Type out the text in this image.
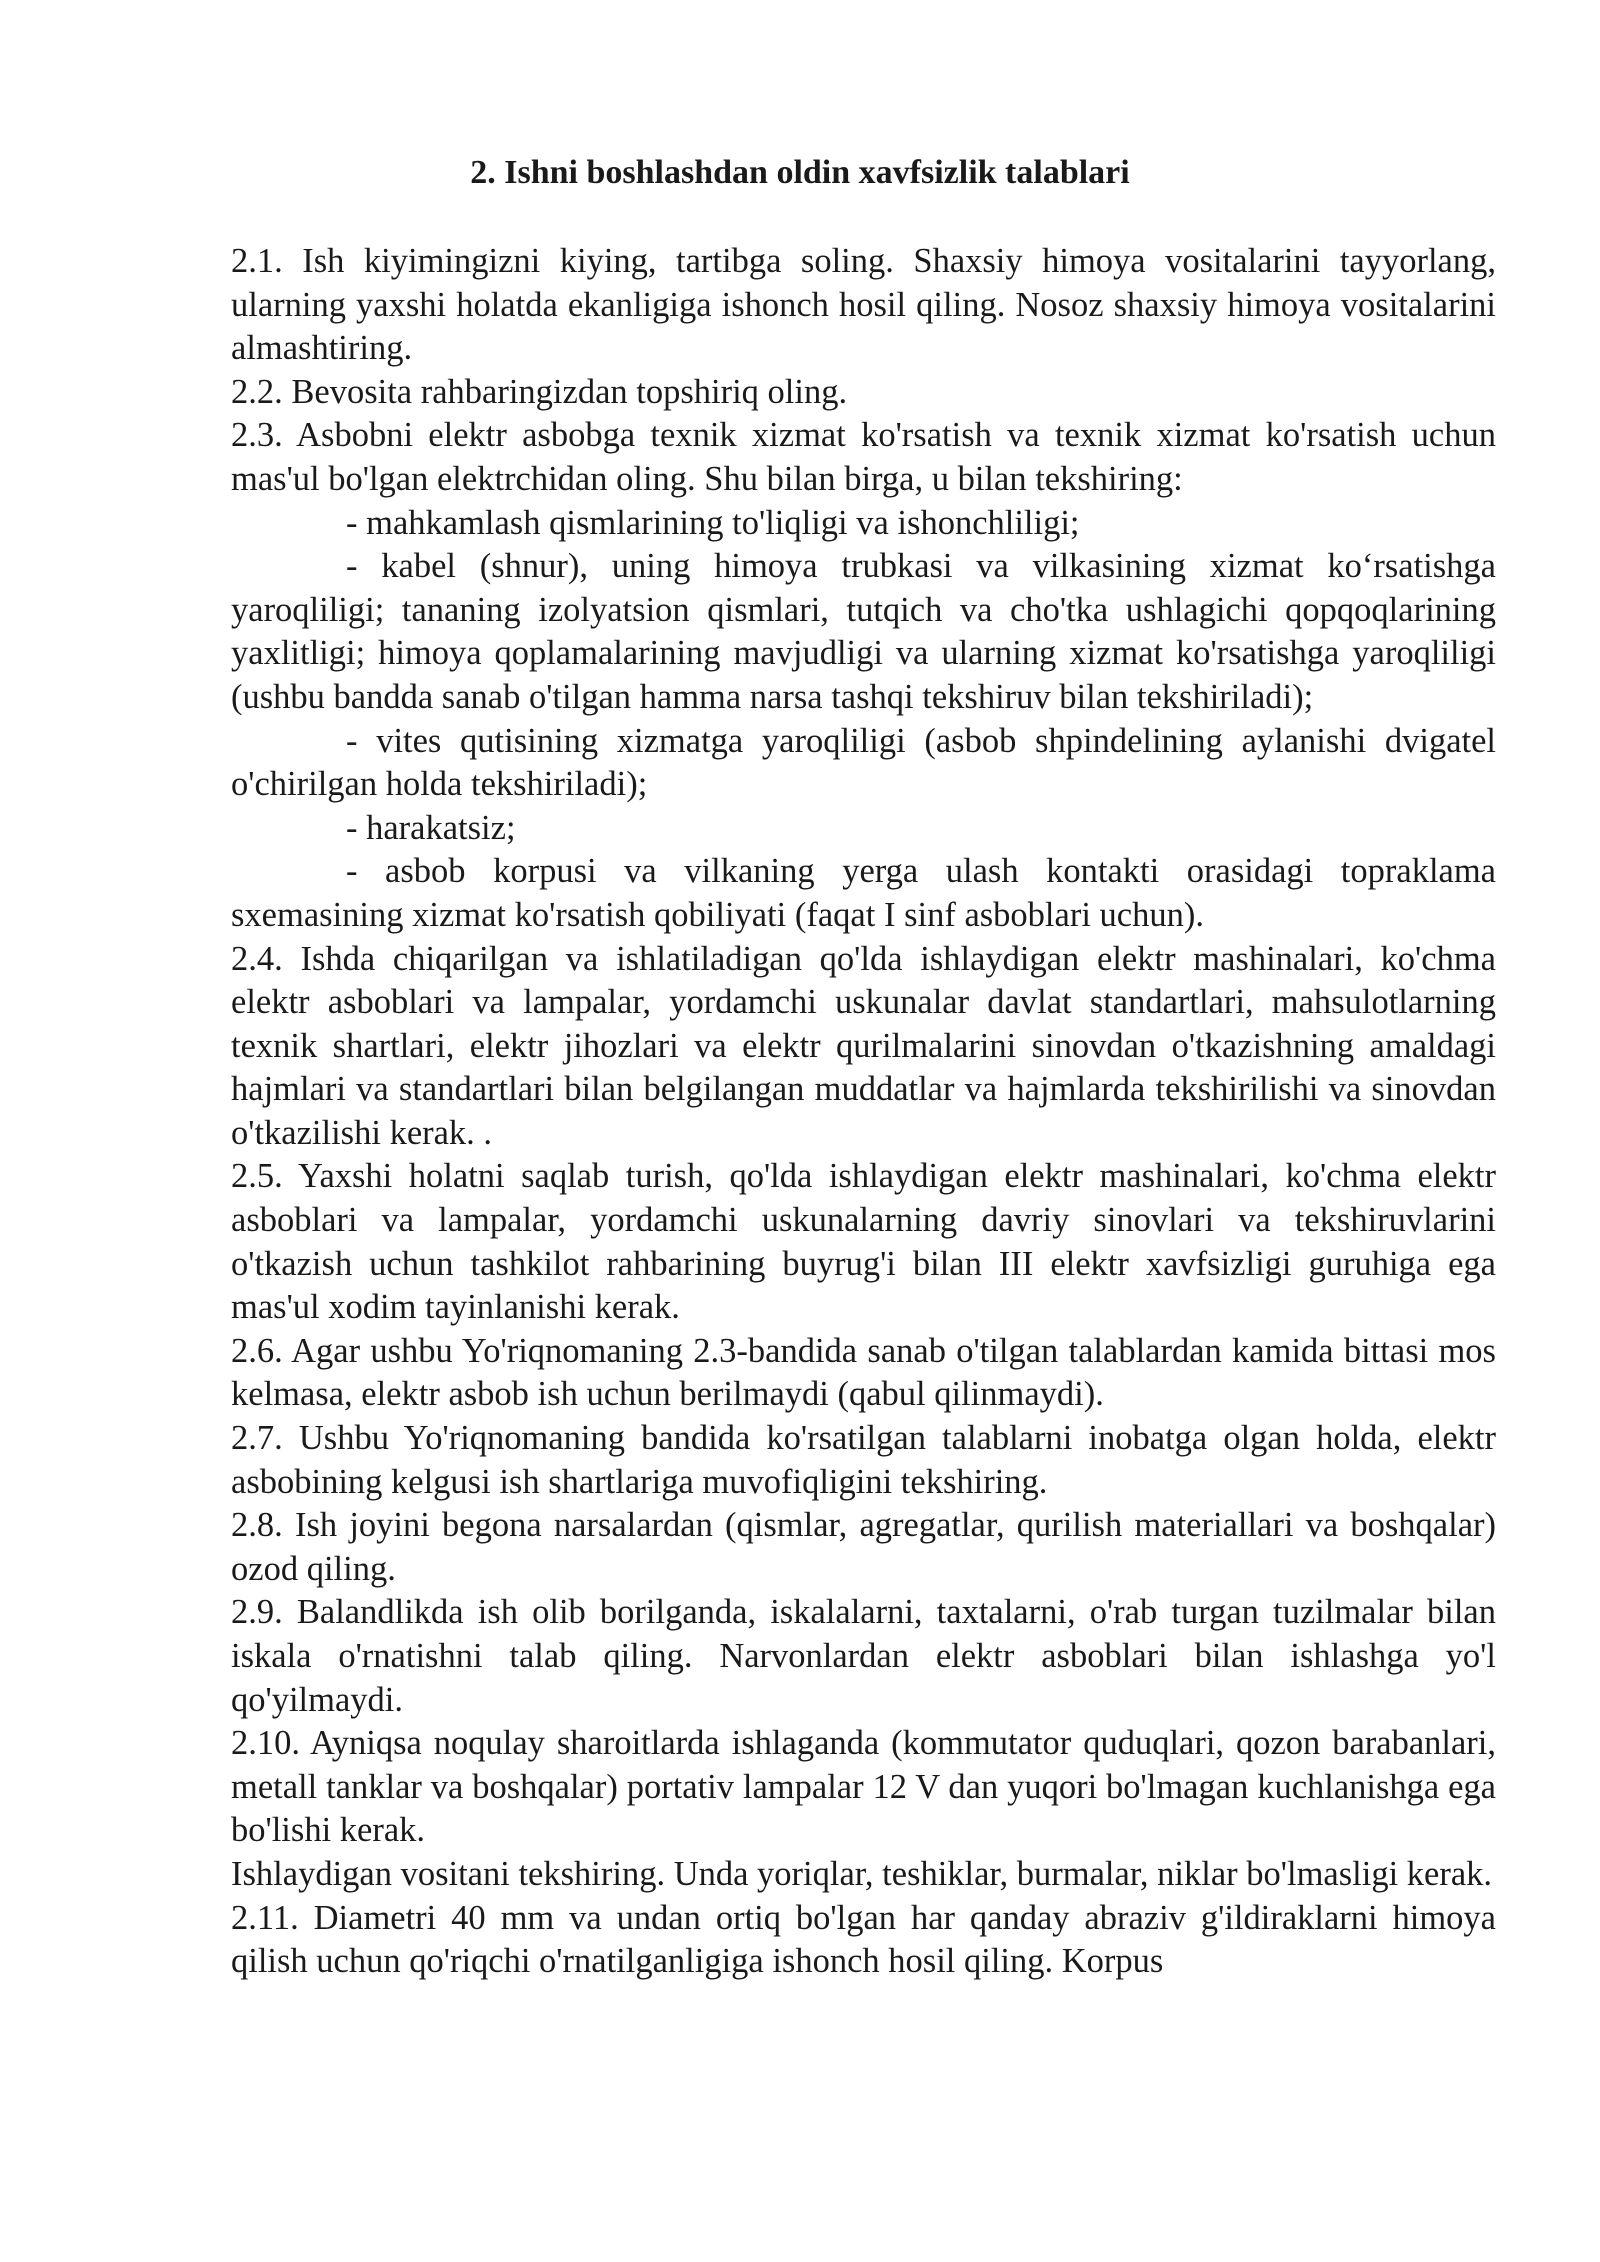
2. Ishni boshlashdan oldin xavfsizlik talablari

2.1. Ish kiyimingizni kiying, tartibga soling. Shaxsiy himoya vositalarini tayyorlang, ularning yaxshi holatda ekanligiga ishonch hosil qiling. Nosoz shaxsiy himoya vositalarini almashtiring.

2.2. Bevosita rahbaringizdan topshiriq oling.

2.3. Asbobni elektr asbobga texnik xizmat ko'rsatish va texnik xizmat ko'rsatish uchun mas'ul bo'lgan elektrchidan oling. Shu bilan birga, u bilan tekshiring:

- mahkamlash qismlarining to'liqligi va ishonchliligi;

- kabel (shnur), uning himoya trubkasi va vilkasining xizmat ko‘rsatishga yaroqliligi; tananing izolyatsion qismlari, tutqich va cho'tka ushlagichi qopqoqlarining yaxlitligi; himoya qoplamalarining mavjudligi va ularning xizmat ko'rsatishga yaroqliligi (ushbu bandda sanab o'tilgan hamma narsa tashqi tekshiruv bilan tekshiriladi);

- vites qutisining xizmatga yaroqliligi (asbob shpindelining aylanishi dvigatel o'chirilgan holda tekshiriladi);

- harakatsiz;

- asbob korpusi va vilkaning yerga ulash kontakti orasidagi topraklama sxemasining xizmat ko'rsatish qobiliyati (faqat I sinf asboblari uchun).

2.4. Ishda chiqarilgan va ishlatiladigan qo'lda ishlaydigan elektr mashinalari, ko'chma elektr asboblari va lampalar, yordamchi uskunalar davlat standartlari, mahsulotlarning texnik shartlari, elektr jihozlari va elektr qurilmalarini sinovdan o'tkazishning amaldagi hajmlari va standartlari bilan belgilangan muddatlar va hajmlarda tekshirilishi va sinovdan o'tkazilishi kerak. .

2.5. Yaxshi holatni saqlab turish, qo'lda ishlaydigan elektr mashinalari, ko'chma elektr asboblari va lampalar, yordamchi uskunalarning davriy sinovlari va tekshiruvlarini o'tkazish uchun tashkilot rahbarining buyrug'i bilan III elektr xavfsizligi guruhiga ega mas'ul xodim tayinlanishi kerak.

2.6. Agar ushbu Yo'riqnomaning 2.3-bandida sanab o'tilgan talablardan kamida bittasi mos kelmasa, elektr asbob ish uchun berilmaydi (qabul qilinmaydi).

2.7. Ushbu Yo'riqnomaning bandida ko'rsatilgan talablarni inobatga olgan holda, elektr asbobining kelgusi ish shartlariga muvofiqligini tekshiring.

2.8. Ish joyini begona narsalardan (qismlar, agregatlar, qurilish materiallari va boshqalar) ozod qiling.

2.9. Balandlikda ish olib borilganda, iskalalarni, taxtalarni, o'rab turgan tuzilmalar bilan iskala o'rnatishni talab qiling. Narvonlardan elektr asboblari bilan ishlashga yo'l qo'yilmaydi.

2.10. Ayniqsa noqulay sharoitlarda ishlaganda (kommutator quduqlari, qozon barabanlari, metall tanklar va boshqalar) portativ lampalar 12 V dan yuqori bo'lmagan kuchlanishga ega bo'lishi kerak.

Ishlaydigan vositani tekshiring. Unda yoriqlar, teshiklar, burmalar, niklar bo'lmasligi kerak.

2.11. Diametri 40 mm va undan ortiq bo'lgan har qanday abraziv g'ildiraklarni himoya qilish uchun qo'riqchi o'rnatilganligiga ishonch hosil qiling. Korpus
